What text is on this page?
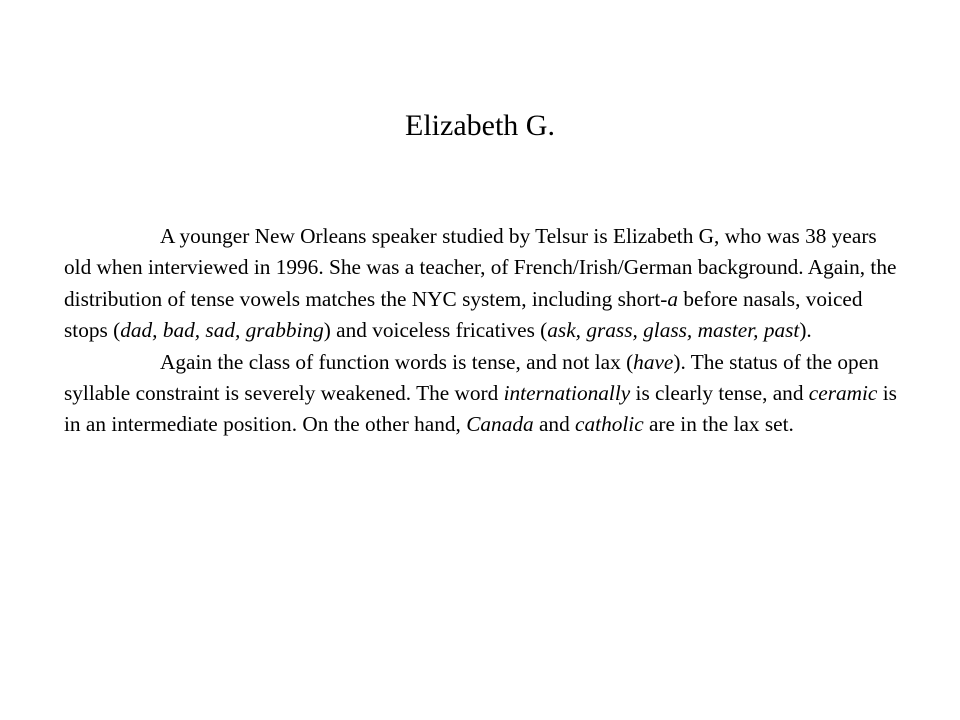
Elizabeth G.

A younger New Orleans speaker studied by Telsur is Elizabeth G, who was 38 years old when interviewed in 1996. She was a teacher, of French/Irish/German background. Again, the distribution of tense vowels matches the NYC system, including short-a before nasals, voiced stops (dad, bad, sad, grabbing) and voiceless fricatives (ask, grass, glass, master, past).

Again the class of function words is tense, and not lax (have). The status of the open syllable constraint is severely weakened. The word internationally is clearly tense, and ceramic is in an intermediate position. On the other hand, Canada and catholic are in the lax set.
